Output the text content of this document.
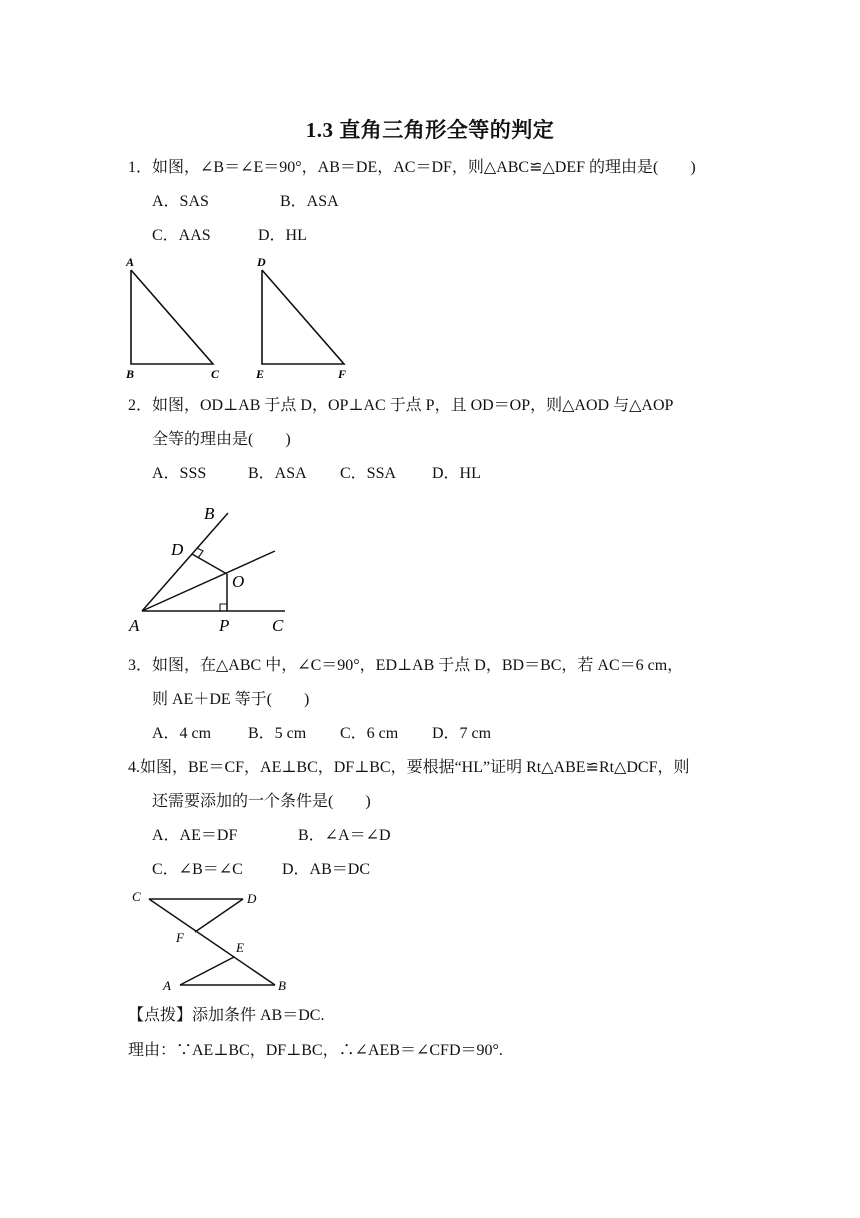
1.3 直角三角形全等的判定
1．如图，∠B＝∠E＝90°，AB＝DE，AC＝DF，则△ABC≌△DEF 的理由是(　　)
A．SAS	B．ASA
C．AAS	D．HL
A
B	C
D
E	F
2．如图，OD⊥AB 于点 D，OP⊥AC 于点 P，且 OD＝OP，则△AOD 与△AOP
全等的理由是(　　)
A．SSS	B．ASA C．SSA D．HL
B
D
O
A	P	C
3．如图，在△ABC 中，∠C＝90°，ED⊥AB 于点 D，BD＝BC，若 AC＝6 cm，
则 AE＋DE 等于(　　)
A．4 cm B．5 cm C．6 cm D．7 cm
4.如图，BE＝CF，AE⊥BC，DF⊥BC，要根据“HL”证明 Rt△ABE≌Rt△DCF，则
还需要添加的一个条件是(　　)
A．AE＝DF	B．∠A＝∠D
C．∠B＝∠C D．AB＝DC
C	D
F
E
A	B
【点拨】添加条件 AB＝DC.
理由：∵AE⊥BC，DF⊥BC，∴∠AEB＝∠CFD＝90°.
